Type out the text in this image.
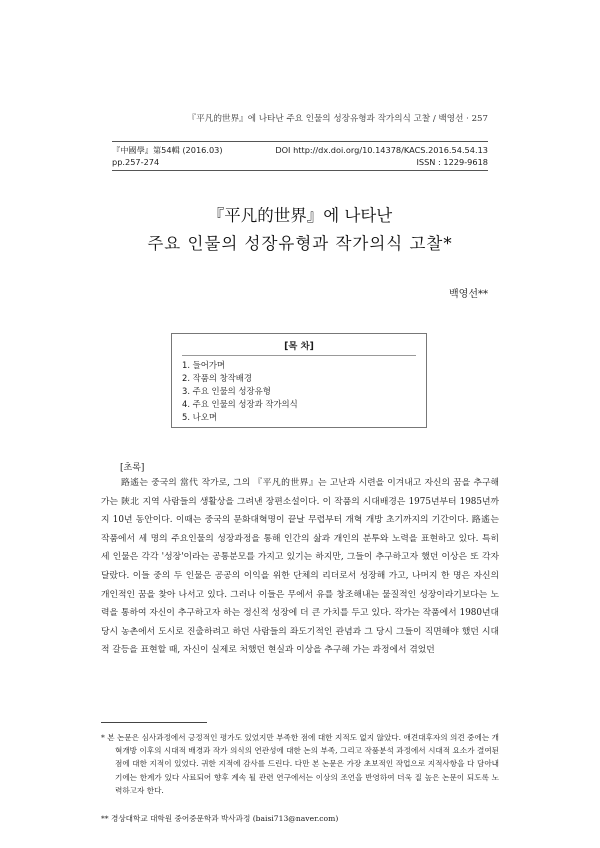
『平凡的世界』에 나타난 주요 인물의 성장유형과 작가의식 고찰 / 백영선 · 257
『中國學』第54輯 (2016.03)	DOI http://dx.doi.org/10.14378/KACS.2016.54.54.13
pp.257-274	ISSN : 1229-9618
『平凡的世界』에 나타난
주요 인물의 성장유형과 작가의식 고찰*
백영선**
[목 차]
1. 들어가며
2. 작품의 창작배경
3. 주요 인물의 성장유형
4. 주요 인물의 성장과 작가의식
5. 나오며
[초록]

路遙는 중국의 當代 작가로, 그의 『平凡的世界』는 고난과 시련을 이겨내고 자신의 꿈을 추구해 가는 陝北 지역 사람들의 생활상을 그려낸 장편소설이다. 이 작품의 시대배경은 1975년부터 1985년까지 10년 동안이다. 이때는 중국의 문화대혁명이 끝날 무렵부터 개혁 개방 초기까지의 기간이다. 路遙는 작품에서 세 명의 주요인물의 성장과정을 통해 인간의 삶과 개인의 분투와 노력을 표현하고 있다. 특히 세 인물은 각각 '성장'이라는 공통분모를 가지고 있기는 하지만, 그들이 추구하고자 했던 이상은 또 각자 달랐다. 이들 중의 두 인물은 공공의 이익을 위한 단체의 리더로서 성장해 가고, 나머지 한 명은 자신의 개인적인 꿈을 찾아 나서고 있다. 그러나 이들은 무에서 유를 창조해내는 물질적인 성장이라기보다는 노력을 통하여 자신이 추구하고자 하는 정신적 성장에 더 큰 가치를 두고 있다. 작가는 작품에서 1980년대 당시 농촌에서 도시로 진출하려고 하던 사람들의 좌도기적인 관념과 그 당시 그들이 직면해야 했던 시대적 갈등을 표현할 때, 자신이 실제로 처했던 현실과 이상을 추구해 가는 과정에서 겪었던

* 본 논문은 심사과정에서 긍정적인 평가도 있었지만 부족한 점에 대한 지적도 없지 않았다. 애견대후자의 의견 중에는 개혁개방 이후의 시대적 배경과 작가 의식의 연관성에 대한 논의 부족, 그리고 작품분석 과정에서 시대적 요소가 결여된 점에 대한 지적이 있었다. 귀한 지적에 감사를 드린다. 다만 본 논문은 가장 초보적인 작업으로 지적사항을 다 담아내기에는 한계가 있다 사료되어 향후 계속 될 관련 연구에서는 이상의 조언을 반영하여 더욱 질 높은 논문이 되도록 노력하고자 한다.
** 경상대학교 대학원 중어중문학과 박사과정 (baisi713@naver.com)
